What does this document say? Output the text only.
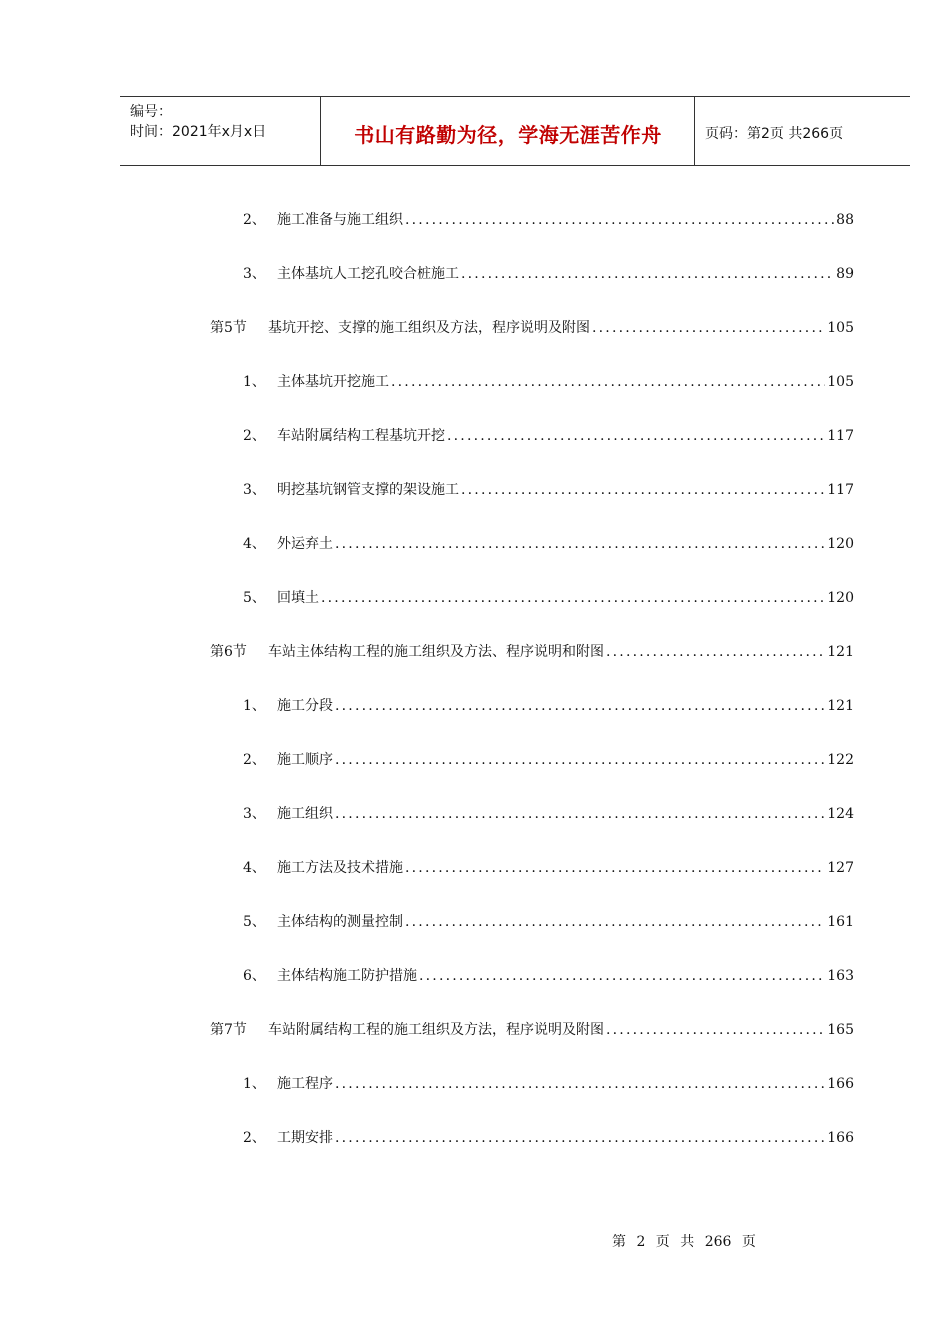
编号：
时间：2021年x月x日	书山有路勤为径，学海无涯苦作舟	页码：第2页 共266页
2、 施工准备与施工组织 .....	88
3、 主体基坑人工挖孔咬合桩施工 .....	89
第5节	基坑开挖、支撑的施工组织及方法，程序说明及附图 .....	105
1、 主体基坑开挖施工 .....	105
2、 车站附属结构工程基坑开挖 .....	117
3、 明挖基坑钢管支撑的架设施工 .....	117
4、 外运弃土 .....	120
5、 回填土 .....	120
第6节	车站主体结构工程的施工组织及方法、程序说明和附图 .....	121
1、 施工分段 .....	121
2、 施工顺序 .....	122
3、 施工组织 .....	124
4、 施工方法及技术措施 .....	127
5、 主体结构的测量控制 .....	161
6、 主体结构施工防护措施 .....	163
第7节	车站附属结构工程的施工组织及方法，程序说明及附图 .....	165
1、 施工程序 .....	166
2、 工期安排 .....	166
第 2 页 共 266 页
